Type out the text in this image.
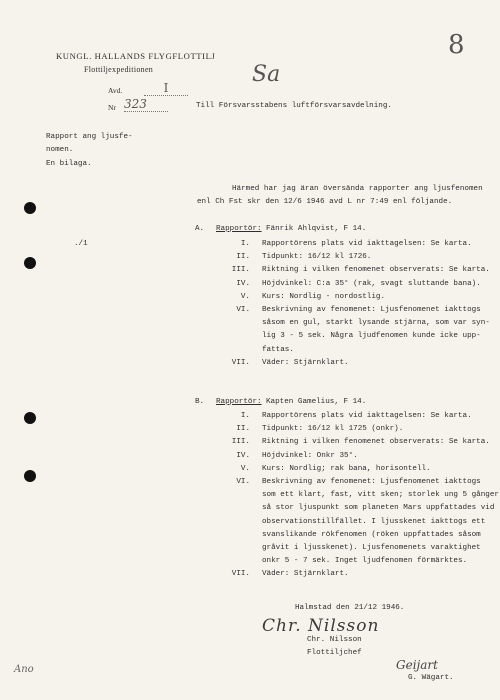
KUNGL. HALLANDS FLYGFLOTTILJ
Flottiljexpeditionen
8
Sa
Avd.	I
Nr 323	Till Försvarsstabens luftförsvarsavdelning.
Rapport ang ljusfe-
nomen.
En bilaga.
Härmed har jag äran översända rapporter ang ljusfenomen
enl Ch Fst skr den 12/6 1946 avd L nr 7:49 enl följande.
./1
A. Rapportör: Fänrik Ahlqvist, F 14.
I. Rapportörens plats vid iakttagelsen: Se karta.
II. Tidpunkt: 16/12 kl 1726.
III. Riktning i vilken fenomenet observerats: Se karta.
IV. Höjdvinkel: C:a 35° (rak, svagt sluttande bana).
V. Kurs: Nordlig - nordostlig.
VI. Beskrivning av fenomenet: Ljusfenomenet iakttogs
såsom en gul, starkt lysande stjärna, som var syn-
lig 3 - 5 sek. Några ljudfenomen kunde icke upp-
fattas.
VII. Väder: Stjärnklart.
B. Rapportör: Kapten Gamelius, F 14.
I. Rapportörens plats vid iakttagelsen: Se karta.
II. Tidpunkt: 16/12 kl 1725 (onkr).
III. Riktning i vilken fenomenet observerats: Se karta.
IV. Höjdvinkel: Onkr 35°.
V. Kurs: Nordlig; rak bana, horisontell.
VI. Beskrivning av fenomenet: Ljusfenomenet iakttogs
som ett klart, fast, vitt sken; storlek ung 5 gånger
så stor ljuspunkt som planeten Mars uppfattades vid
observationstillfället. I ljusskenet iakttogs ett
svanslikande rökfenomen (röken uppfattades såsom
gråvit i ljusskenet). Ljusfenomenets varaktighet
onkr 5 - 7 sek. Inget ljudfenomen förmärktes.
VII. Väder: Stjärnklart.
Halmstad den 21/12 1946.
Chr. Nilsson
Chr. Nilsson
Flottiljchef
Geijart
G. Wägart.
Ano
